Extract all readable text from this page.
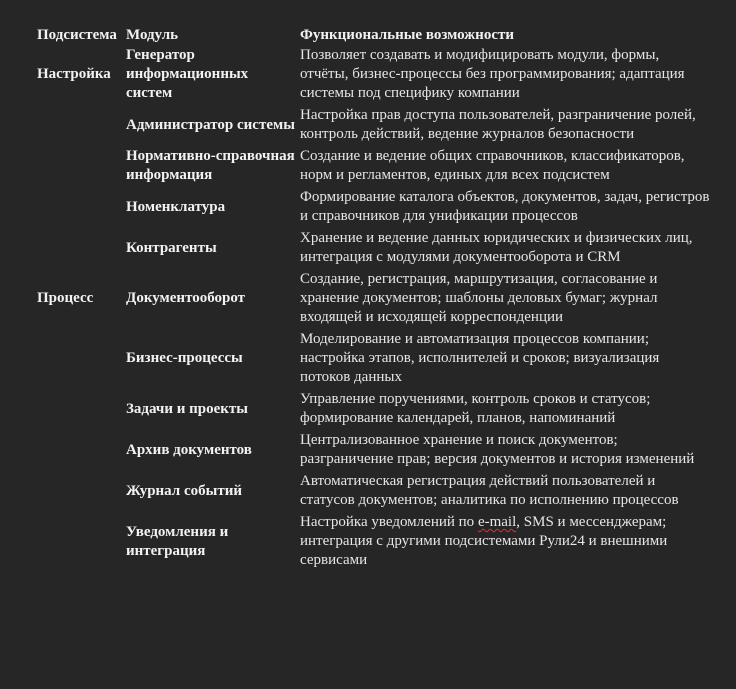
Подсистема	Модуль	Функциональные возможности
Настройка	Генератор информационных систем	Позволяет создавать и модифицировать модули, формы, отчёты, бизнес-процессы без программирования; адаптация системы под специфику компании
	Администратор системы	Настройка прав доступа пользователей, разграничение ролей, контроль действий, ведение журналов безопасности
	Нормативно-справочная информация	Создание и ведение общих справочников, классификаторов, норм и регламентов, единых для всех подсистем
	Номенклатура	Формирование каталога объектов, документов, задач, регистров и справочников для унификации процессов
	Контрагенты	Хранение и ведение данных юридических и физических лиц, интеграция с модулями документооборота и CRM
Процесс	Документооборот	Создание, регистрация, маршрутизация, согласование и хранение документов; шаблоны деловых бумаг; журнал входящей и исходящей корреспонденции
	Бизнес-процессы	Моделирование и автоматизация процессов компании; настройка этапов, исполнителей и сроков; визуализация потоков данных
	Задачи и проекты	Управление поручениями, контроль сроков и статусов; формирование календарей, планов, напоминаний
	Архив документов	Централизованное хранение и поиск документов; разграничение прав; версия документов и история изменений
	Журнал событий	Автоматическая регистрация действий пользователей и статусов документов; аналитика по исполнению процессов
	Уведомления и интеграция	Настройка уведомлений по e-mail, SMS и мессенджерам; интеграция с другими подсистемами Рули24 и внешними сервисами
